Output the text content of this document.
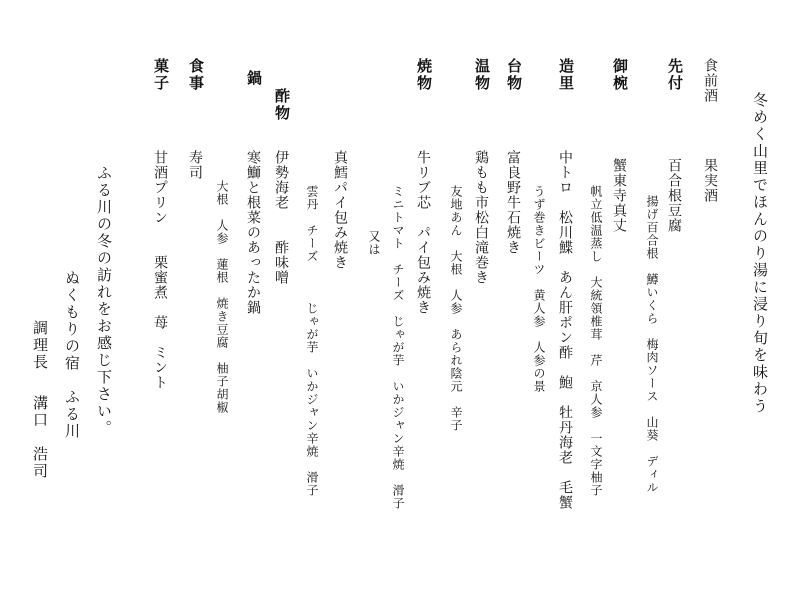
冬めく山里でほんのり湯に浸り旬を味わう
食前酒
果実酒
先付
百合根豆腐
揚げ百合根　鱒いくら　梅肉ソース　山葵　ディル
御椀
蟹東寺真丈
帆立低温蒸し　大統領椎茸　芹　京人参　一文字柚子
造里
中トロ　松川鰈　あん肝ポン酢　鮑　牡丹海老　毛蟹
うず巻きビーツ　黄人参　人参の景
台物
富良野牛石焼き
温物
鶏もも市松白滝巻き
友地あん　大根　人参　あられ陰元　辛子
焼物
牛リブ芯　パイ包み焼き
ミニトマト　チーズ　じゃが芋　いかジャン辛焼　滑子
又は
真鱈パイ包み焼き
雲丹　チーズ　　　じゃが芋　いかジャン辛焼　滑子
酢物
伊勢海老　　酢味噌
鍋
寒鰤と根菜のあったか鍋
大根　人参　蓮根　焼き豆腐　柚子胡椒
食事
寿司
菓子
甘酒プリン　　栗蜜煮　苺　ミント
ふる川の冬の訪れをお感じ下さい。
ぬくもりの宿　ふる川
調理長
溝口　浩司
